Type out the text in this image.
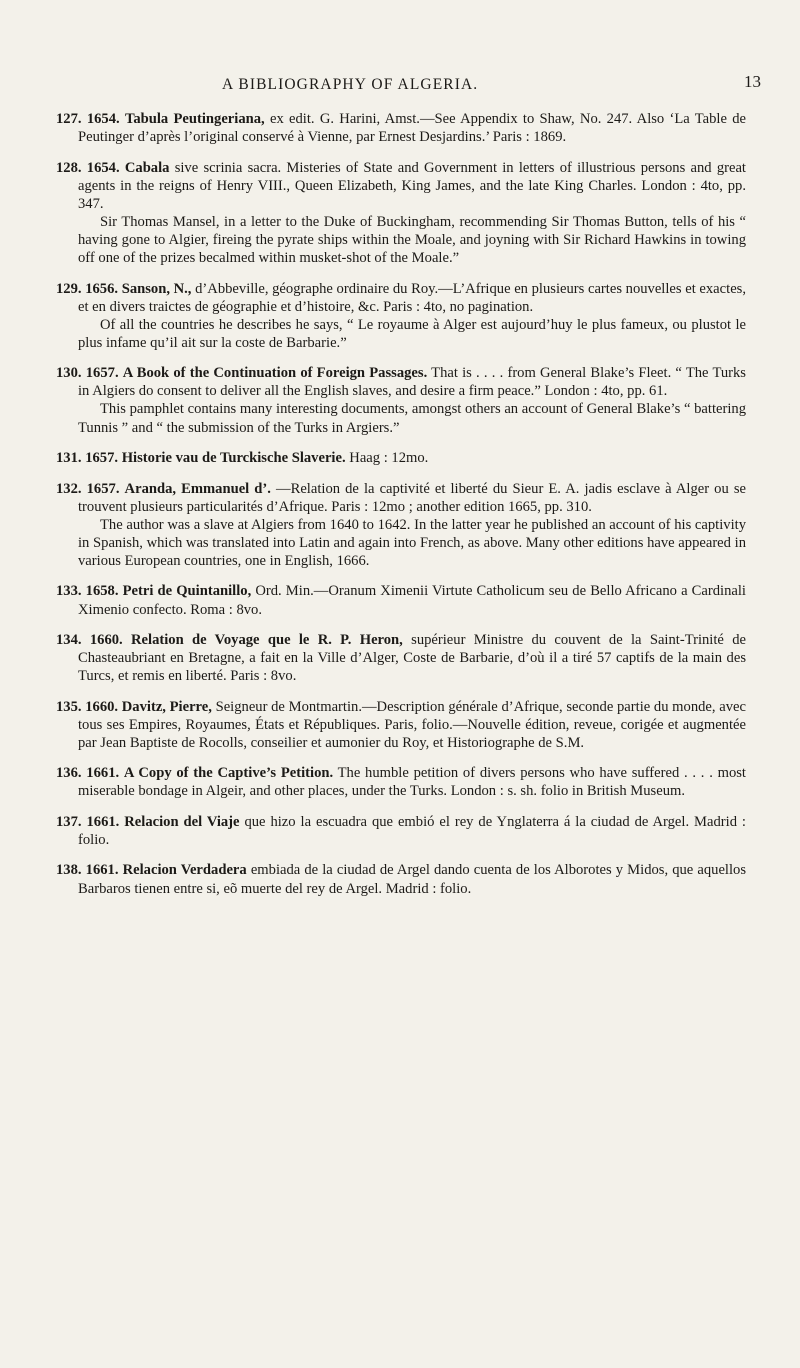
A BIBLIOGRAPHY OF ALGERIA.	13

127. 1654. Tabula Peutingeriana, ex edit. G. Harini, Amst.—See Appendix to Shaw, No. 247. Also ‘La Table de Peutinger d’après l’original conservé à Vienne, par Ernest Desjardins.’ Paris : 1869.

128. 1654. Cabala sive scrinia sacra. Misteries of State and Government in letters of illustrious persons and great agents in the reigns of Henry VIII., Queen Elizabeth, King James, and the late King Charles. London : 4to, pp. 347.

Sir Thomas Mansel, in a letter to the Duke of Buckingham, recommending Sir Thomas Button, tells of his “ having gone to Algier, fireing the pyrate ships within the Moale, and joyning with Sir Richard Hawkins in towing off one of the prizes becalmed within musket-shot of the Moale.”

129. 1656. Sanson, N., d’Abbeville, géographe ordinaire du Roy.—L’Afrique en plusieurs cartes nouvelles et exactes, et en divers traictes de géographie et d’histoire, &c. Paris : 4to, no pagination.

Of all the countries he describes he says, “ Le royaume à Alger est aujourd’huy le plus fameux, ou plustot le plus infame qu’il ait sur la coste de Barbarie.”

130. 1657. A Book of the Continuation of Foreign Passages. That is . . . . from General Blake’s Fleet. “ The Turks in Algiers do consent to deliver all the English slaves, and desire a firm peace.” London : 4to, pp. 61.

This pamphlet contains many interesting documents, amongst others an account of General Blake’s “ battering Tunnis ” and “ the submission of the Turks in Argiers.”

131. 1657. Historie vau de Turckische Slaverie. Haag : 12mo.

132. 1657. Aranda, Emmanuel d’. —Relation de la captivité et liberté du Sieur E. A. jadis esclave à Alger ou se trouvent plusieurs particularités d’Afrique. Paris : 12mo ; another edition 1665, pp. 310.

The author was a slave at Algiers from 1640 to 1642. In the latter year he published an account of his captivity in Spanish, which was translated into Latin and again into French, as above. Many other editions have appeared in various European countries, one in English, 1666.

133. 1658. Petri de Quintanillo, Ord. Min.—Oranum Ximenii Virtute Catholicum seu de Bello Africano a Cardinali Ximenio confecto. Roma : 8vo.

134. 1660. Relation de Voyage que le R. P. Heron, supérieur Ministre du couvent de la Saint-Trinité de Chasteaubriant en Bretagne, a fait en la Ville d’Alger, Coste de Barbarie, d’où il a tiré 57 captifs de la main des Turcs, et remis en liberté. Paris : 8vo.

135. 1660. Davitz, Pierre, Seigneur de Montmartin.—Description générale d’Afrique, seconde partie du monde, avec tous ses Empires, Royaumes, États et Républiques. Paris, folio.—Nouvelle édition, reveue, corigée et augmentée par Jean Baptiste de Rocolls, conseilier et aumonier du Roy, et Historiographe de S.M.

136. 1661. A Copy of the Captive’s Petition. The humble petition of divers persons who have suffered . . . . most miserable bondage in Algeir, and other places, under the Turks. London : s. sh. folio in British Museum.

137. 1661. Relacion del Viaje que hizo la escuadra que embió el rey de Ynglaterra á la ciudad de Argel. Madrid : folio.

138. 1661. Relacion Verdadera embiada de la ciudad de Argel dando cuenta de los Alborotes y Midos, que aquellos Barbaros tienen entre si, eõ muerte del rey de Argel. Madrid : folio.
